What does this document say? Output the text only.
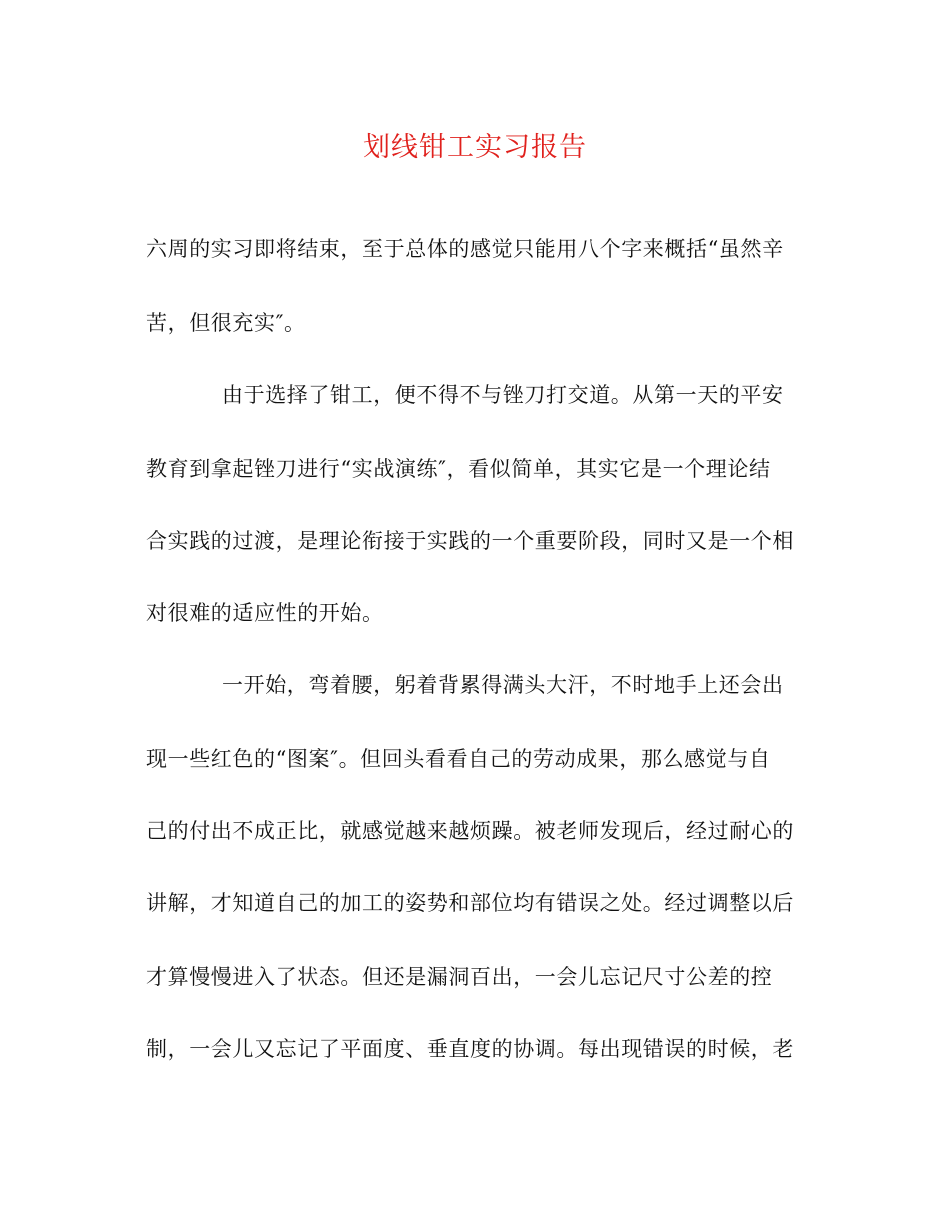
划线钳工实习报告
六周的实习即将结束，至于总体的感觉只能用八个字来概括“虽然辛
苦，但很充实″。
由于选择了钳工，便不得不与锉刀打交道。从第一天的平安
教育到拿起锉刀进行“实战演练″，看似简单，其实它是一个理论结
合实践的过渡，是理论衔接于实践的一个重要阶段，同时又是一个相
对很难的适应性的开始。
一开始，弯着腰，躬着背累得满头大汗，不时地手上还会出
现一些红色的“图案″。但回头看看自己的劳动成果，那么感觉与自
己的付出不成正比，就感觉越来越烦躁。被老师发现后，经过耐心的
讲解，才知道自己的加工的姿势和部位均有错误之处。经过调整以后
才算慢慢进入了状态。但还是漏洞百出，一会儿忘记尺寸公差的控
制，一会儿又忘记了平面度、垂直度的协调。每出现错误的时候，老
